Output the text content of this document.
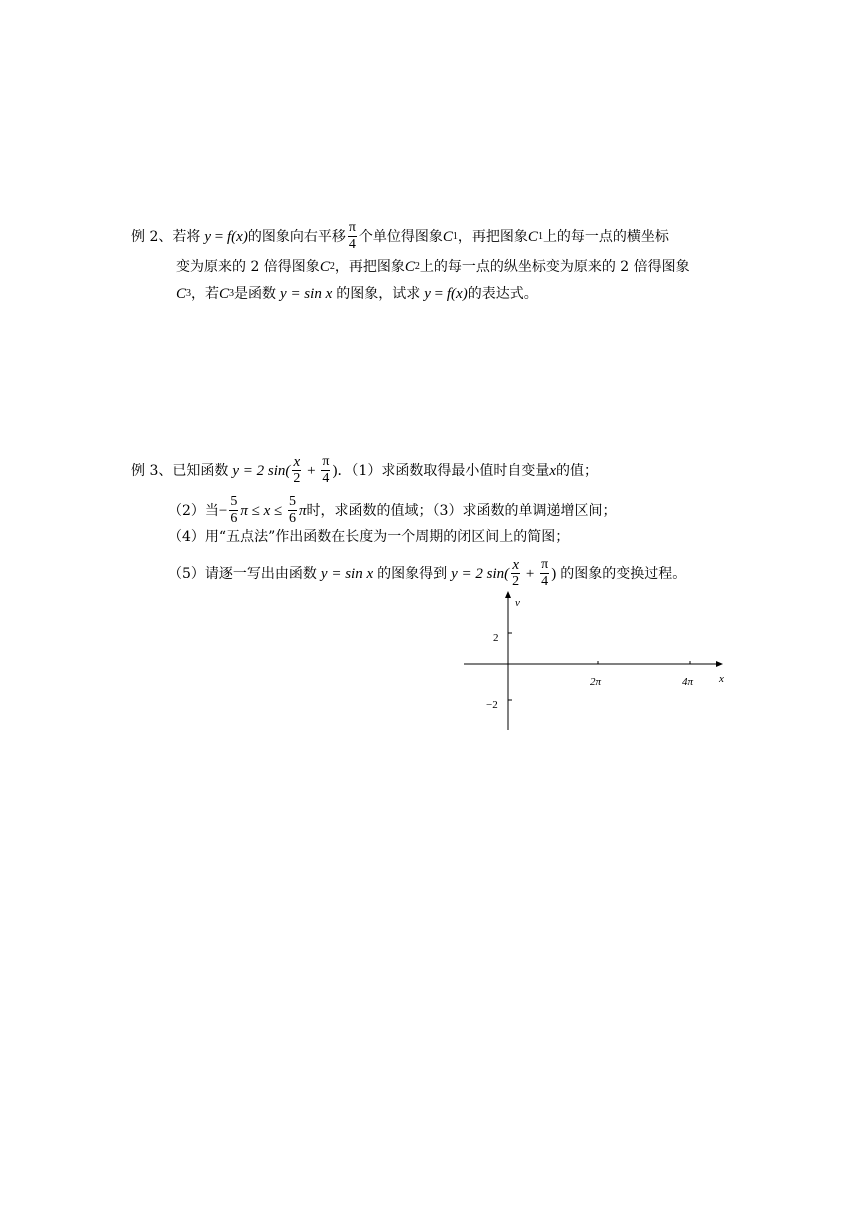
例 2、 若将 y = f (x) 的图象向右平移 $\frac{\pi}{4}$ 个单位得图象 C 1 ，再把图象 C 1 上的每一点的横坐标
变为原来的 2 倍得图象 C 2 ，再把图象 C 2 上的每一点的纵坐标变为原来的 2 倍得图象
C 3 ，若 C 3 是函数 y = sin x 的图象，试求 y = f (x) 的表达式。
例 3、 已知函数 y = 2 $\sin( \frac{x}{2} + \frac{\pi}{4}$ ) ．（1）求函数取得最小值时自变量 x 的值；
（2）当 − $\frac{5}{6}$ $\pi \le x \le \frac{5}{6}$ π 时，求函数的值域；（3）求函数的单调递增区间；
（4）用“五点法”作出函数在长度为一个周期的闭区间上的简图；
（5）请逐一写出由函数 y = sin x 的图象得到 y = 2 $\sin( \frac{x}{2} + \frac{\pi}{4}$ ) 的图象的变换过程。
v
x
2
−2
2π	4π
